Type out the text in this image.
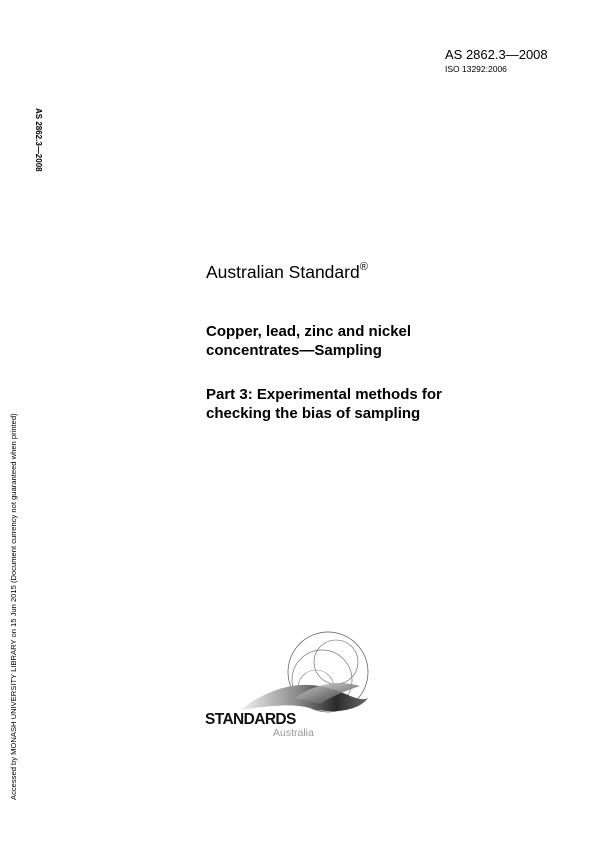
AS 2862.3—2008
ISO 13292:2006
AS 2862.3—2008
Accessed by MONASH UNIVERSITY LIBRARY on 15 Jun 2015 (Document currency not guaranteed when printed)
Australian Standard®
Copper, lead, zinc and nickel
concentrates—Sampling
Part 3: Experimental methods for
checking the bias of sampling
STANDARDS
Australia
